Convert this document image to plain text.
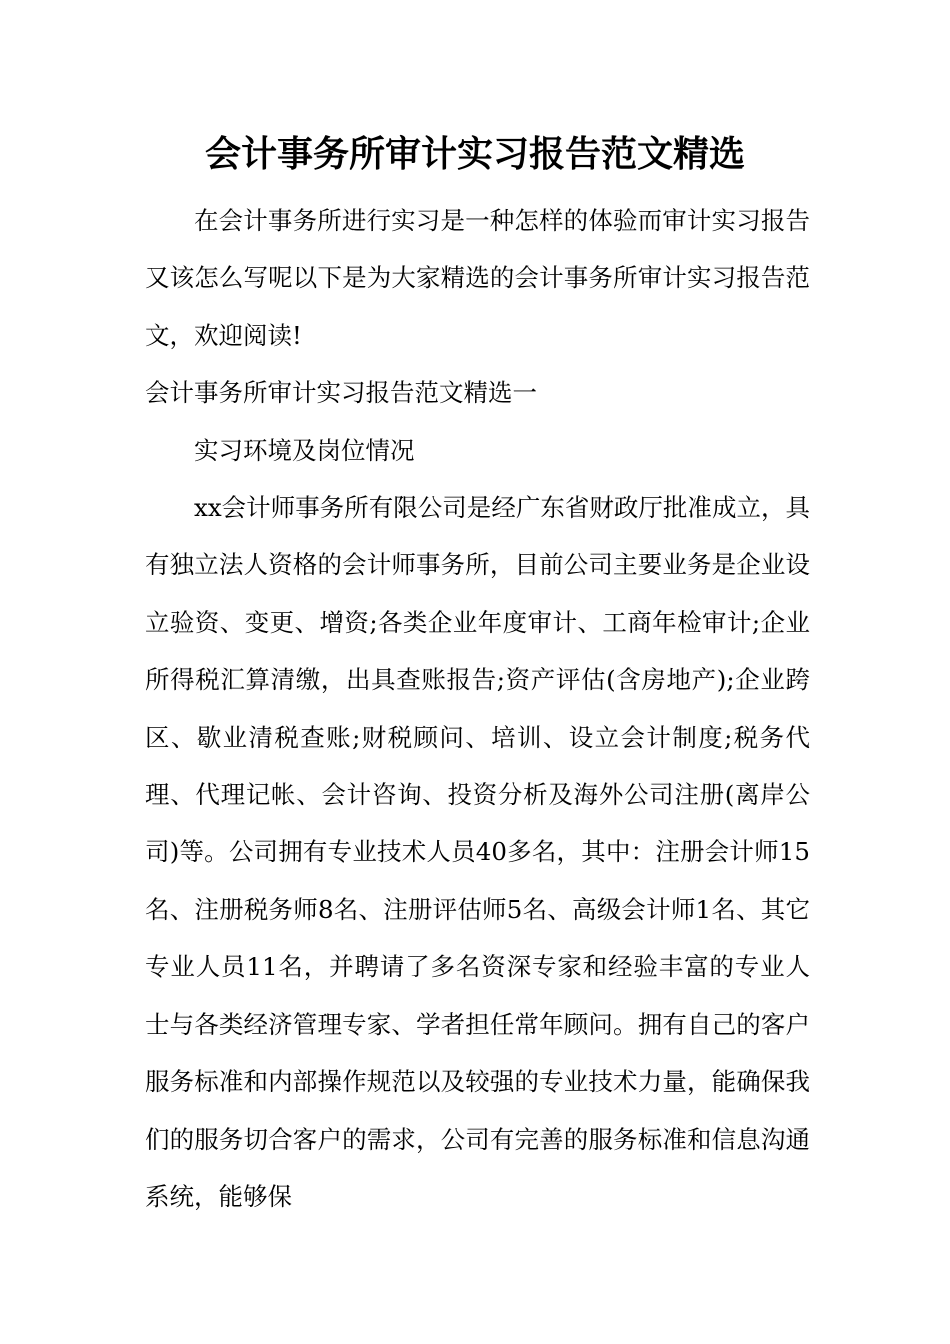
会计事务所审计实习报告范文精选

在会计事务所进行实习是一种怎样的体验而审计实习报告又该怎么写呢以下是为大家精选的会计事务所审计实习报告范文，欢迎阅读!

会计事务所审计实习报告范文精选一

实习环境及岗位情况

xx会计师事务所有限公司是经广东省财政厅批准成立，具有独立法人资格的会计师事务所，目前公司主要业务是企业设立验资、变更、增资;各类企业年度审计、工商年检审计;企业所得税汇算清缴，出具查账报告;资产评估(含房地产);企业跨区、歇业清税查账;财税顾问、培训、设立会计制度;税务代理、代理记帐、会计咨询、投资分析及海外公司注册(离岸公司)等。公司拥有专业技术人员40多名，其中：注册会计师15名、注册税务师8名、注册评估师5名、高级会计师1名、其它专业人员11名，并聘请了多名资深专家和经验丰富的专业人士与各类经济管理专家、学者担任常年顾问。拥有自己的客户服务标准和内部操作规范以及较强的专业技术力量，能确保我们的服务切合客户的需求，公司有完善的服务标准和信息沟通系统，能够保
